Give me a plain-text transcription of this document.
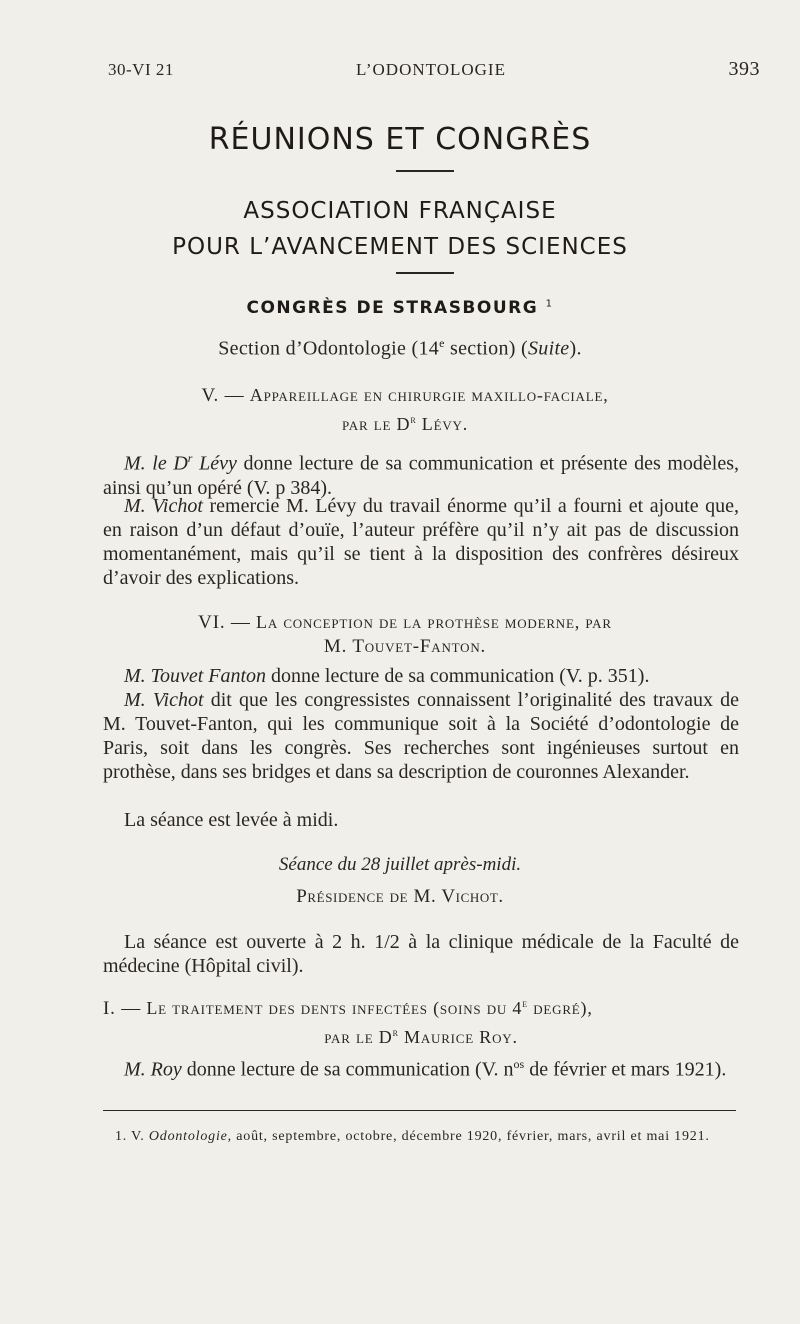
30-VI 21	L’ODONTOLOGIE	393
RÉUNIONS ET CONGRÈS
ASSOCIATION FRANÇAISE
POUR L’AVANCEMENT DES SCIENCES
CONGRÈS DE STRASBOURG $^1$
Section d’Odontologie (14e section) (Suite).
V. — Appareillage en chirurgie maxillo-faciale,
par le $D^r$ Lévy.
M. le $D^r$ Lévy donne lecture de sa communication et présente des modèles, ainsi qu’un opéré (V. p 384).
M. Vichot remercie M. Lévy du travail énorme qu’il a fourni et ajoute que, en raison d’un défaut d’ouïe, l’auteur préfère qu’il n’y ait pas de discussion momentanément, mais qu’il se tient à la disposition des confrères désireux d’avoir des explications.
VI. — La conception de la prothèse moderne, par
M. Touvet-Fanton.
M. Touvet Fanton donne lecture de sa communication (V. p. 351).
M. Vichot dit que les congressistes connaissent l’originalité des travaux de M. Touvet-Fanton, qui les communique soit à la Société d’odontologie de Paris, soit dans les congrès. Ses recherches sont ingénieuses surtout en prothèse, dans ses bridges et dans sa description de couronnes Alexander.
La séance est levée à midi.
Séance du 28 juillet après-midi.
Présidence de M. Vichot.
La séance est ouverte à 2 h. 1/2 à la clinique médicale de la Faculté de médecine (Hôpital civil).
I. — Le traitement des dents infectées (soins du 4e degré),
par le $D^r$ Maurice Roy.
M. Roy donne lecture de sa communication (V. $n^{os}$ de février et mars 1921).
1. V. Odontologie, août, septembre, octobre, décembre 1920, février, mars, avril et mai 1921.
